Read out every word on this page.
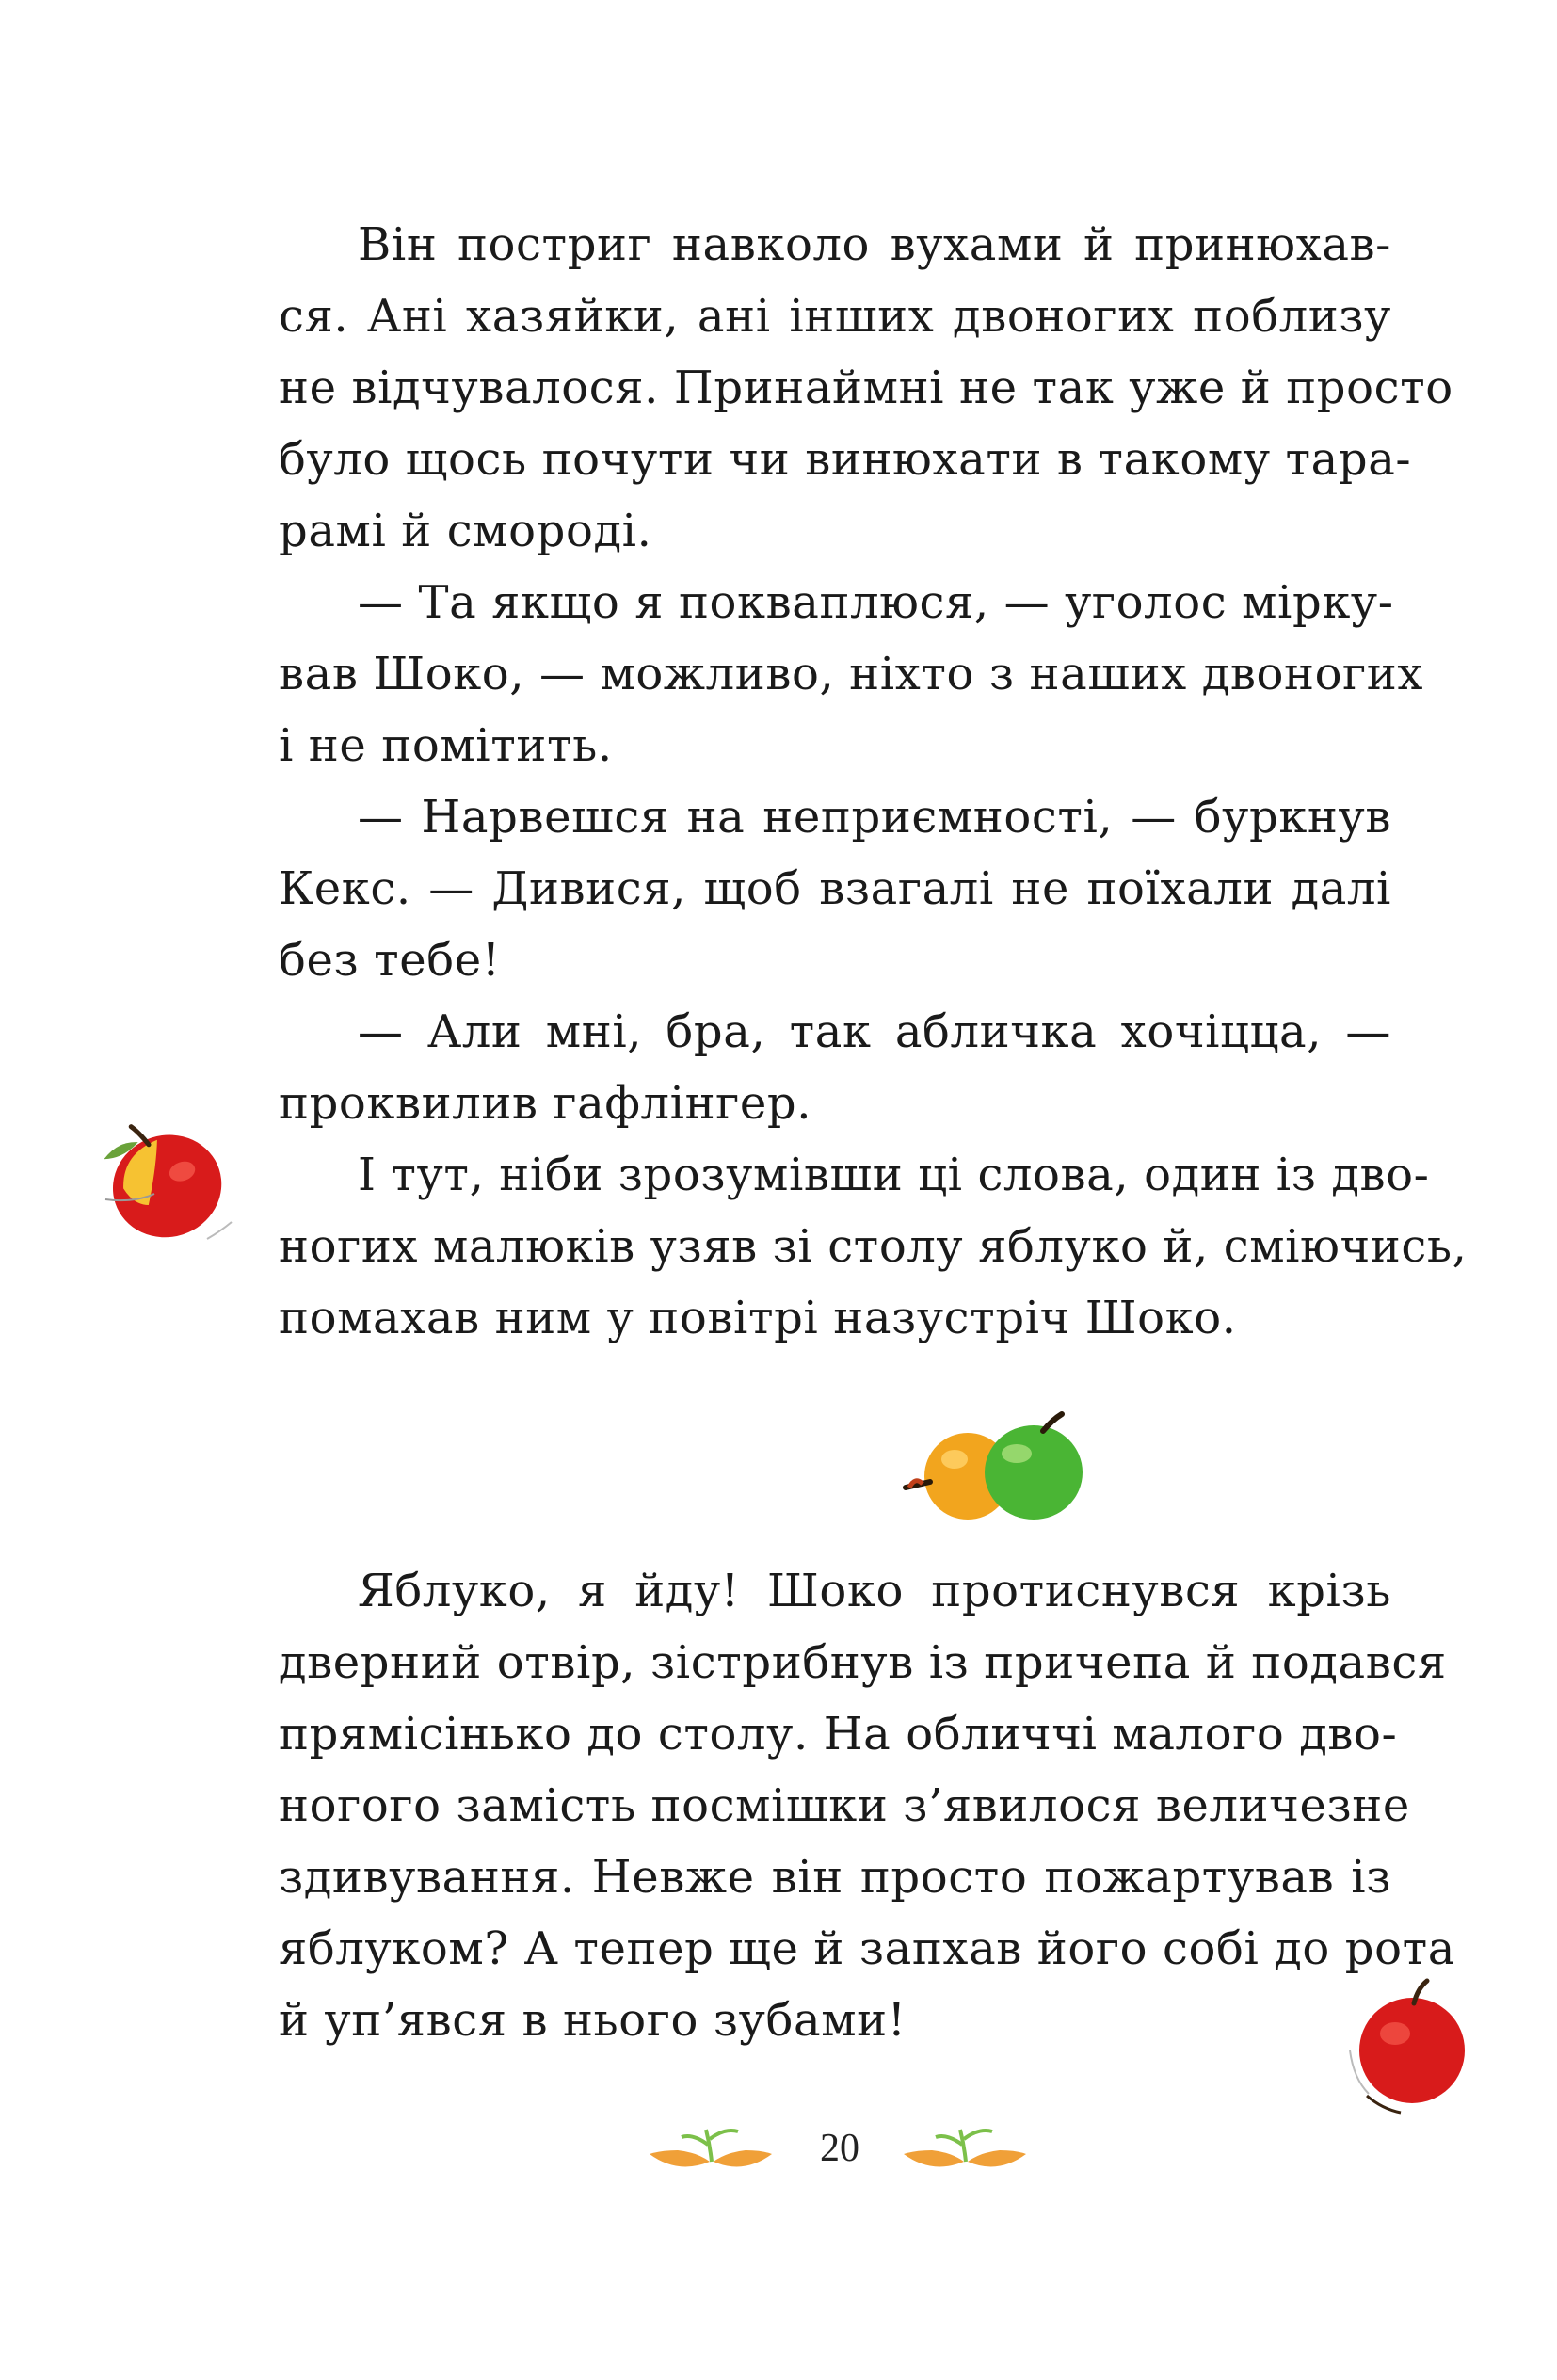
Він постриг навколо вухами й принюхав-
ся. Ані хазяйки, ані інших двоногих поблизу
не відчувалося. Принаймні не так уже й просто
було щось почути чи винюхати в такому тара-
рамі й смороді.
— Та якщо я покваплюся, — уголос мірку-
вав Шоко, — можливо, ніхто з наших двоногих
і не помітить.
— Нарвешся на неприємності, — буркнув
Кекс. — Дивися, щоб взагалі не поїхали далі
без тебе!
— Али мні, бра, так абличка хочіцца, —
проквилив гафлінгер.
І тут, ніби зрозумівши ці слова, один із дво-
ногих малюків узяв зі столу яблуко й, сміючись,
помахав ним у повітрі назустріч Шоко.
Яблуко, я йду! Шоко протиснувся крізь
дверний отвір, зістрибнув із причепа й подався
прямісінько до столу. На обличчі малого дво-
ногого замість посмішки з’явилося величезне
здивування. Невже він просто пожартував із
яблуком? А тепер ще й запхав його собі до рота
й уп’явся в нього зубами!
20
